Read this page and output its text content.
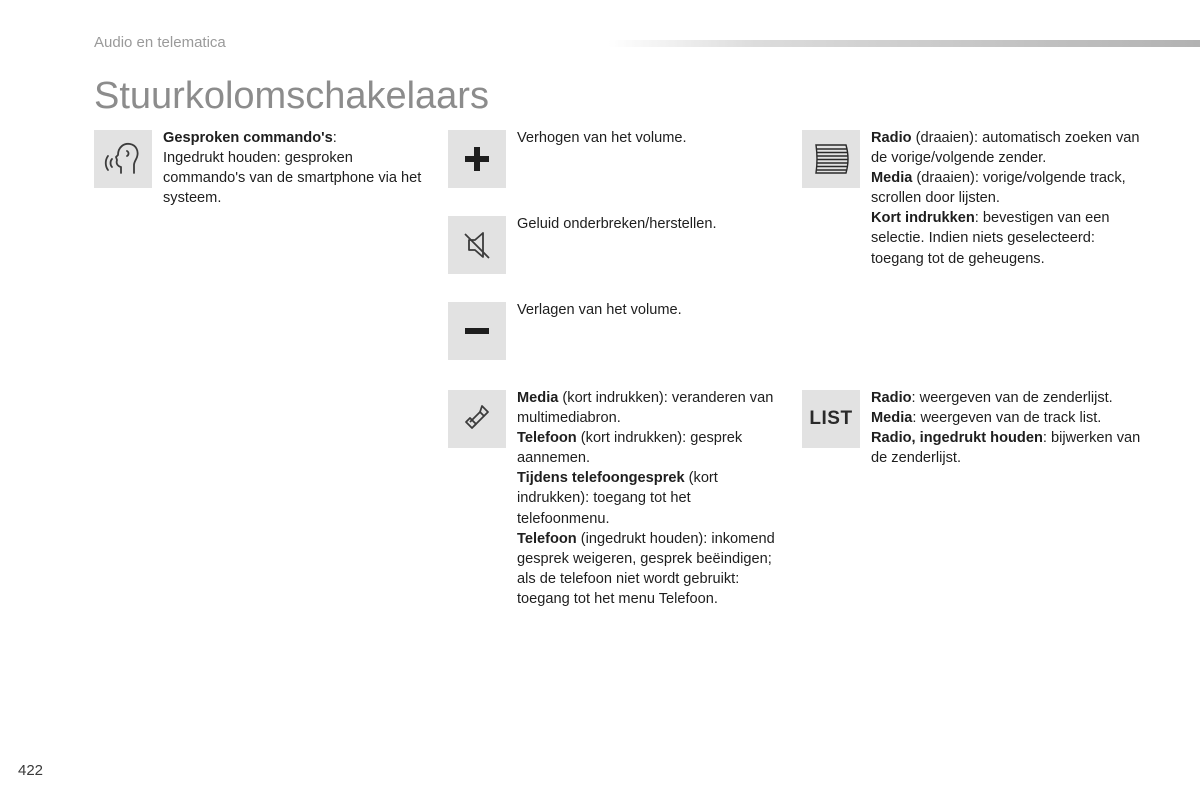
Audio en telematica

Stuurkolomschakelaars

Gesproken commando's:

Ingedrukt houden: gesproken commando's van de smartphone via het systeem.

Verhogen van het volume.

Geluid onderbreken/herstellen.

Verlagen van het volume.

Media (kort indrukken): veranderen van multimediabron.

Telefoon (kort indrukken): gesprek aannemen.

Tijdens telefoongesprek (kort indrukken): toegang tot het telefoonmenu.

Telefoon (ingedrukt houden): inkomend gesprek weigeren, gesprek beëindigen; als de telefoon niet wordt gebruikt: toegang tot het menu Telefoon.

Radio (draaien): automatisch zoeken van de vorige/volgende zender.

Media (draaien): vorige/volgende track, scrollen door lijsten.

Kort indrukken: bevestigen van een selectie. Indien niets geselecteerd: toegang tot de geheugens.

LIST

Radio: weergeven van de zenderlijst.

Media: weergeven van de track list.

Radio, ingedrukt houden: bijwerken van de zenderlijst.

422
